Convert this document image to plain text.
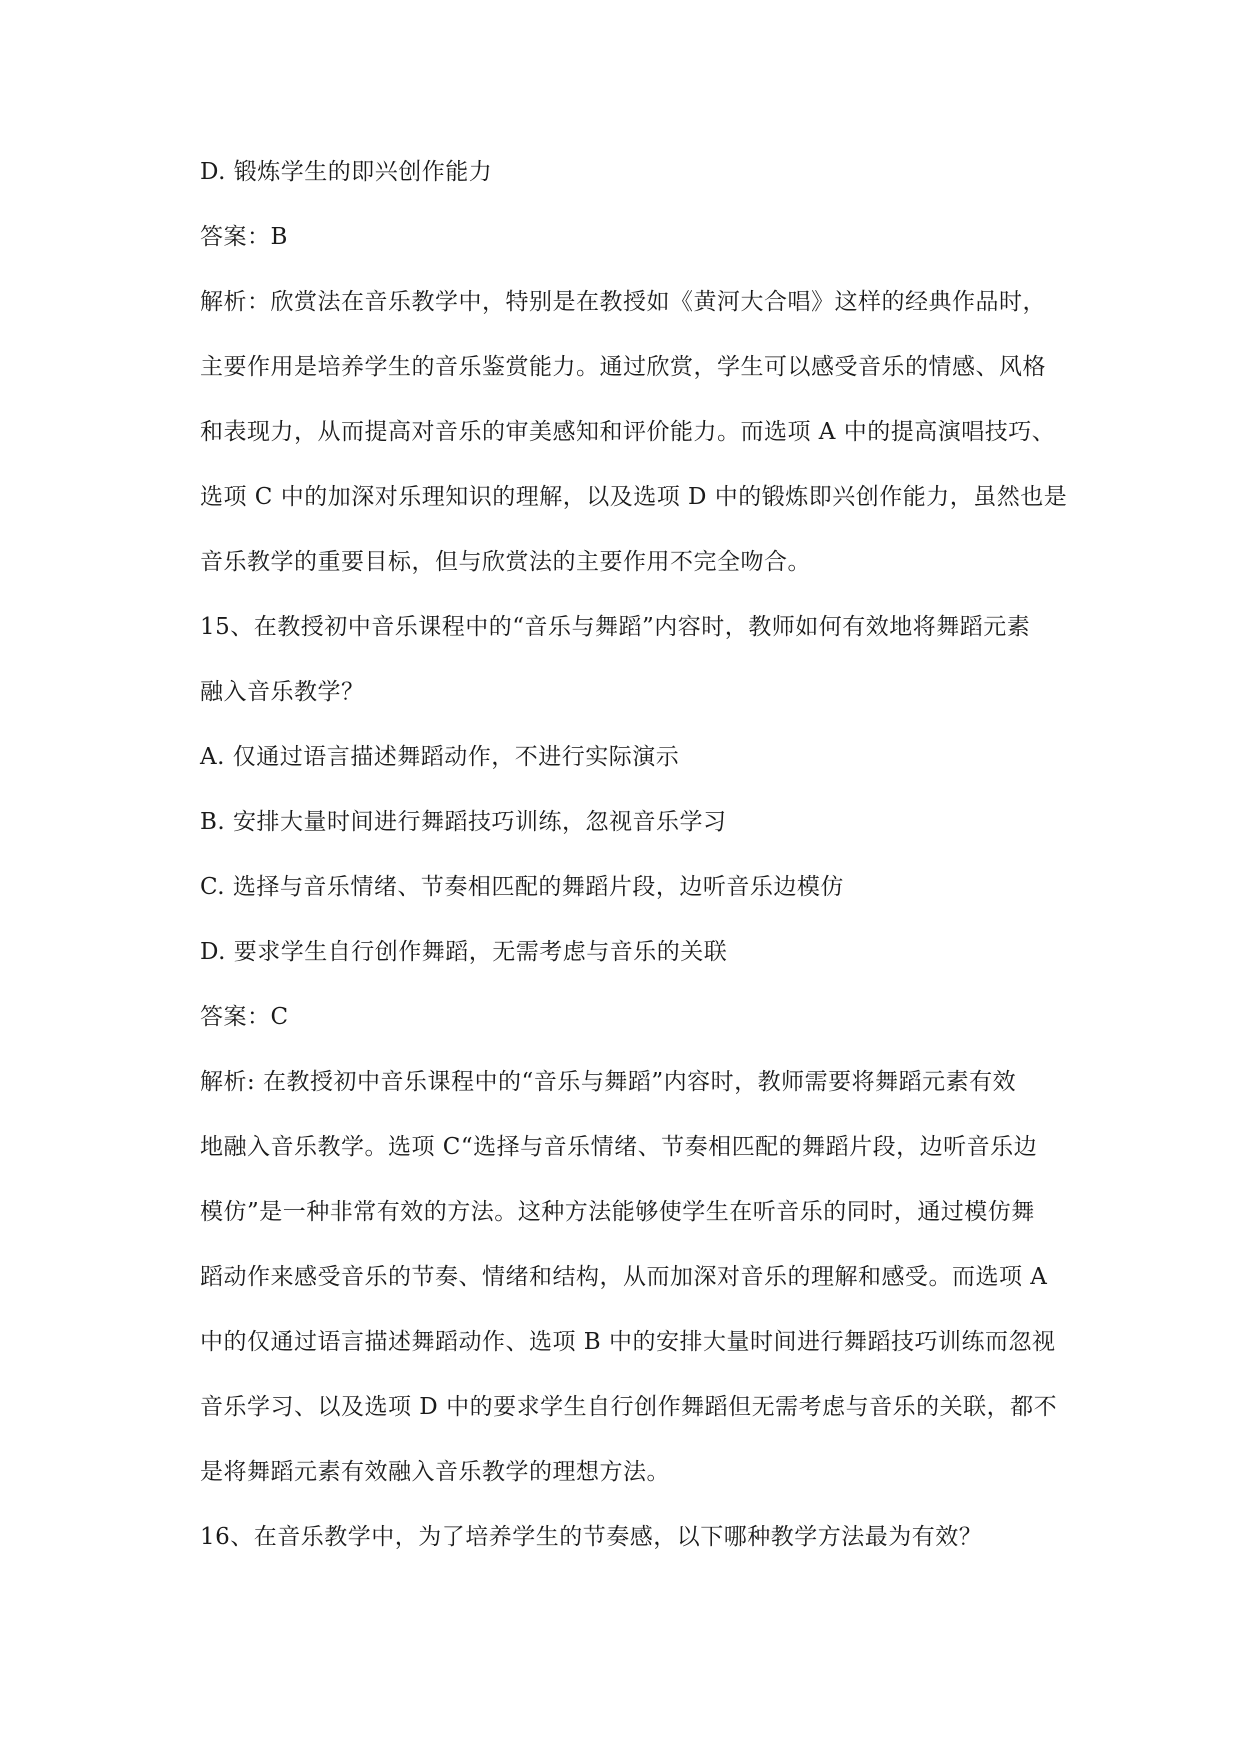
D. 锻炼学生的即兴创作能力
答案：B
解析：欣赏法在音乐教学中，特别是在教授如《黄河大合唱》这样的经典作品时，
主要作用是培养学生的音乐鉴赏能力。通过欣赏，学生可以感受音乐的情感、风格
和表现力，从而提高对音乐的审美感知和评价能力。而选项 A 中的提高演唱技巧、
选项 C 中的加深对乐理知识的理解，以及选项 D 中的锻炼即兴创作能力，虽然也是
音乐教学的重要目标，但与欣赏法的主要作用不完全吻合。
15、在教授初中音乐课程中的“音乐与舞蹈”内容时，教师如何有效地将舞蹈元素
融入音乐教学？
A. 仅通过语言描述舞蹈动作，不进行实际演示
B. 安排大量时间进行舞蹈技巧训练，忽视音乐学习
C. 选择与音乐情绪、节奏相匹配的舞蹈片段，边听音乐边模仿
D. 要求学生自行创作舞蹈，无需考虑与音乐的关联
答案：C
解析: 在教授初中音乐课程中的“音乐与舞蹈”内容时，教师需要将舞蹈元素有效
地融入音乐教学。选项 C“选择与音乐情绪、节奏相匹配的舞蹈片段，边听音乐边
模仿”是一种非常有效的方法。这种方法能够使学生在听音乐的同时，通过模仿舞
蹈动作来感受音乐的节奏、情绪和结构，从而加深对音乐的理解和感受。而选项 A
中的仅通过语言描述舞蹈动作、选项 B 中的安排大量时间进行舞蹈技巧训练而忽视
音乐学习、以及选项 D 中的要求学生自行创作舞蹈但无需考虑与音乐的关联，都不
是将舞蹈元素有效融入音乐教学的理想方法。
16、在音乐教学中，为了培养学生的节奏感，以下哪种教学方法最为有效？
